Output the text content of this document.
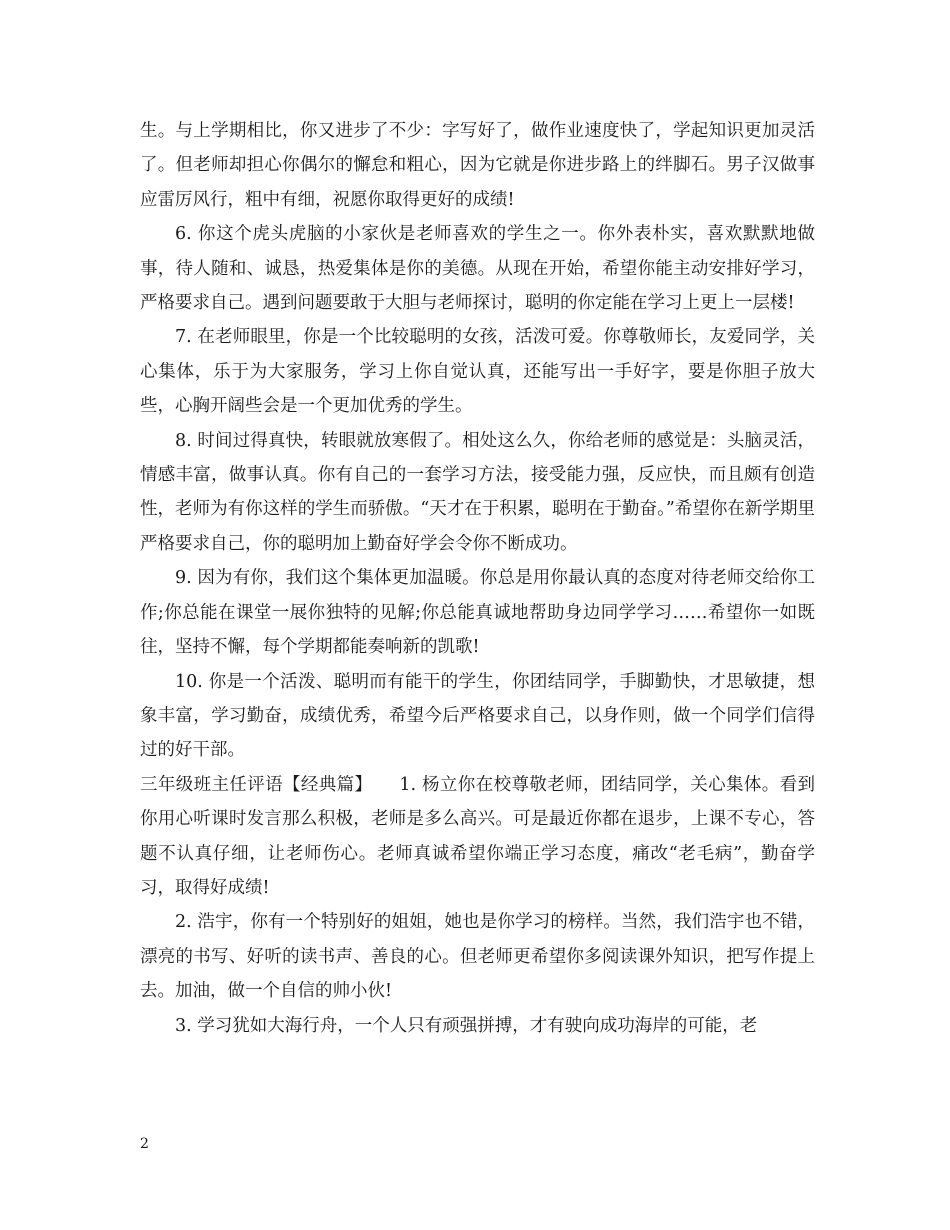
生。与上学期相比，你又进步了不少：字写好了，做作业速度快了，学起知识更加灵活了。但老师却担心你偶尔的懈怠和粗心，因为它就是你进步路上的绊脚石。男子汉做事应雷厉风行，粗中有细，祝愿你取得更好的成绩!

6. 你这个虎头虎脑的小家伙是老师喜欢的学生之一。你外表朴实，喜欢默默地做事，待人随和、诚恳，热爱集体是你的美德。从现在开始，希望你能主动安排好学习，严格要求自己。遇到问题要敢于大胆与老师探讨，聪明的你定能在学习上更上一层楼!

7. 在老师眼里，你是一个比较聪明的女孩，活泼可爱。你尊敬师长，友爱同学，关心集体，乐于为大家服务，学习上你自觉认真，还能写出一手好字，要是你胆子放大些，心胸开阔些会是一个更加优秀的学生。

8. 时间过得真快，转眼就放寒假了。相处这么久，你给老师的感觉是：头脑灵活，情感丰富，做事认真。你有自己的一套学习方法，接受能力强，反应快，而且颇有创造性，老师为有你这样的学生而骄傲。“天才在于积累，聪明在于勤奋。”希望你在新学期里严格要求自己，你的聪明加上勤奋好学会令你不断成功。

9. 因为有你，我们这个集体更加温暖。你总是用你最认真的态度对待老师交给你工作;你总能在课堂一展你独特的见解;你总能真诚地帮助身边同学学习……希望你一如既往，坚持不懈，每个学期都能奏响新的凯歌!

10. 你是一个活泼、聪明而有能干的学生，你团结同学，手脚勤快，才思敏捷，想象丰富，学习勤奋，成绩优秀，希望今后严格要求自己，以身作则，做一个同学们信得过的好干部。

三年级班主任评语【经典篇】　　1. 杨立你在校尊敬老师，团结同学，关心集体。看到你用心听课时发言那么积极，老师是多么高兴。可是最近你都在退步，上课不专心，答题不认真仔细，让老师伤心。老师真诚希望你端正学习态度，痛改“老毛病”，勤奋学习，取得好成绩!

2. 浩宇，你有一个特别好的姐姐，她也是你学习的榜样。当然，我们浩宇也不错，漂亮的书写、好听的读书声、善良的心。但老师更希望你多阅读课外知识，把写作提上去。加油，做一个自信的帅小伙!

3. 学习犹如大海行舟，一个人只有顽强拼搏，才有驶向成功海岸的可能，老

2
